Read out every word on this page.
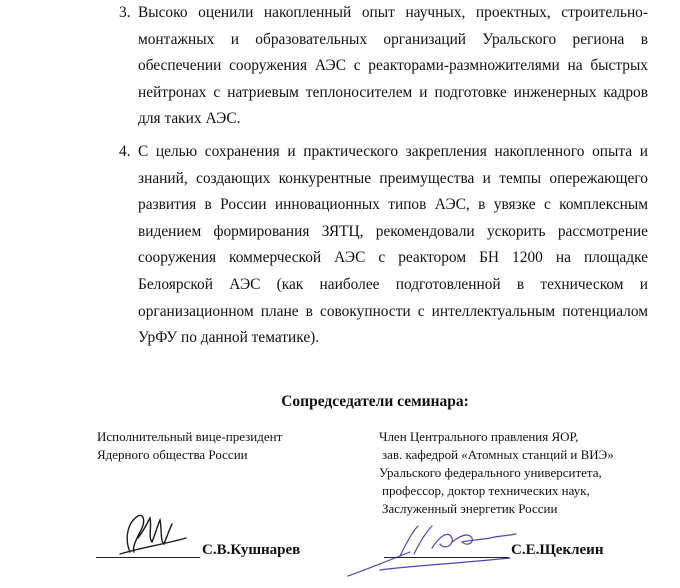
3. Высоко оценили накопленный опыт научных, проектных, строительно-монтажных и образовательных организаций Уральского региона в обеспечении сооружения АЭС с реакторами-размножителями на быстрых нейтронах с натриевым теплоносителем и подготовке инженерных кадров для таких АЭС.
4. С целью сохранения и практического закрепления накопленного опыта и знаний, создающих конкурентные преимущества и темпы опережающего развития в России инновационных типов АЭС, в увязке с комплексным видением формирования ЗЯТЦ, рекомендовали ускорить рассмотрение сооружения коммерческой АЭС с реактором БН 1200 на площадке Белоярской АЭС (как наиболее подготовленной в техническом и организационном плане в совокупности с интеллектуальным потенциалом УрФУ по данной тематике).
Сопредседатели семинара:
Исполнительный вице-президент
Ядерного общества России
Член Центрального правления ЯОР,
зав. кафедрой «Атомных станций и ВИЭ»
Уральского федерального университета,
профессор, доктор технических наук,
Заслуженный энергетик России
С.В.Кушнарев	С.Е.Щеклеин
